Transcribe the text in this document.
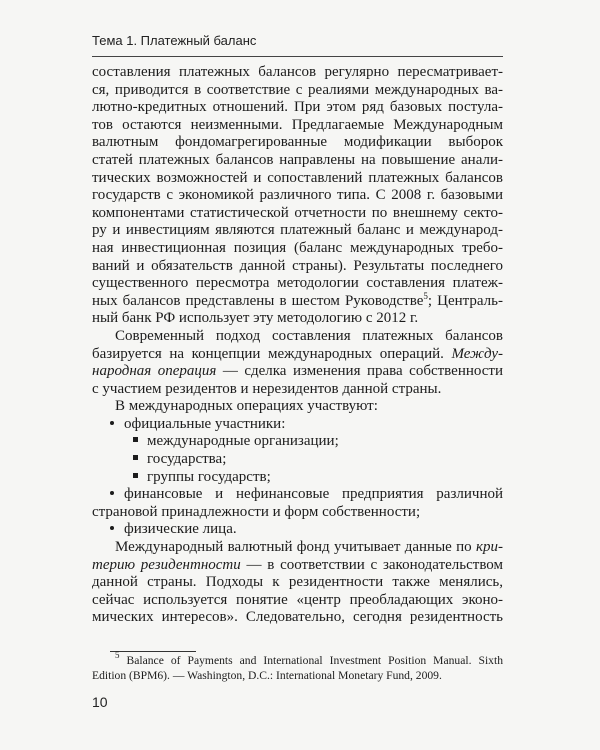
Тема 1. Платежный баланс
составления платежных балансов регулярно пересматривает-
ся, приводится в соответствие с реалиями международных ва-
лютно-кредитных отношений. При этом ряд базовых постула-
тов остаются неизменными. Предлагаемые Международным
валютным фондомагрегированные модификации выборок
статей платежных балансов направлены на повышение анали-
тических возможностей и сопоставлений платежных балансов
государств с экономикой различного типа. С 2008 г. базовыми
компонентами статистической отчетности по внешнему секто-
ру и инвестициям являются платежный баланс и международ-
ная инвестиционная позиция (баланс международных требо-
ваний и обязательств данной страны). Результаты последнего
существенного пересмотра методологии составления платеж-
ных балансов представлены в шестом Руководстве$^5$; Централь-
ный банк РФ использует эту методологию с 2012 г.
Современный подход составления платежных балансов
базируется на концепции международных операций. Между-
народная операция — сделка изменения права собственности
с участием резидентов и нерезидентов данной страны.
В международных операциях участвуют:
официальные участники:
международные организации;
государства;
группы государств;
финансовые и нефинансовые предприятия различной
страновой принадлежности и форм собственности;
физические лица.
Международный валютный фонд учитывает данные по кри-
терию резидентности — в соответствии с законодательством
данной страны. Подходы к резидентности также менялись,
сейчас используется понятие «центр преобладающих эконо-
мических интересов». Следовательно, сегодня резидентность
$^5$ Balance of Payments and International Investment Position Manual. Sixth
Edition (BPM6). — Washington, D.C.: International Monetary Fund, 2009.
10
